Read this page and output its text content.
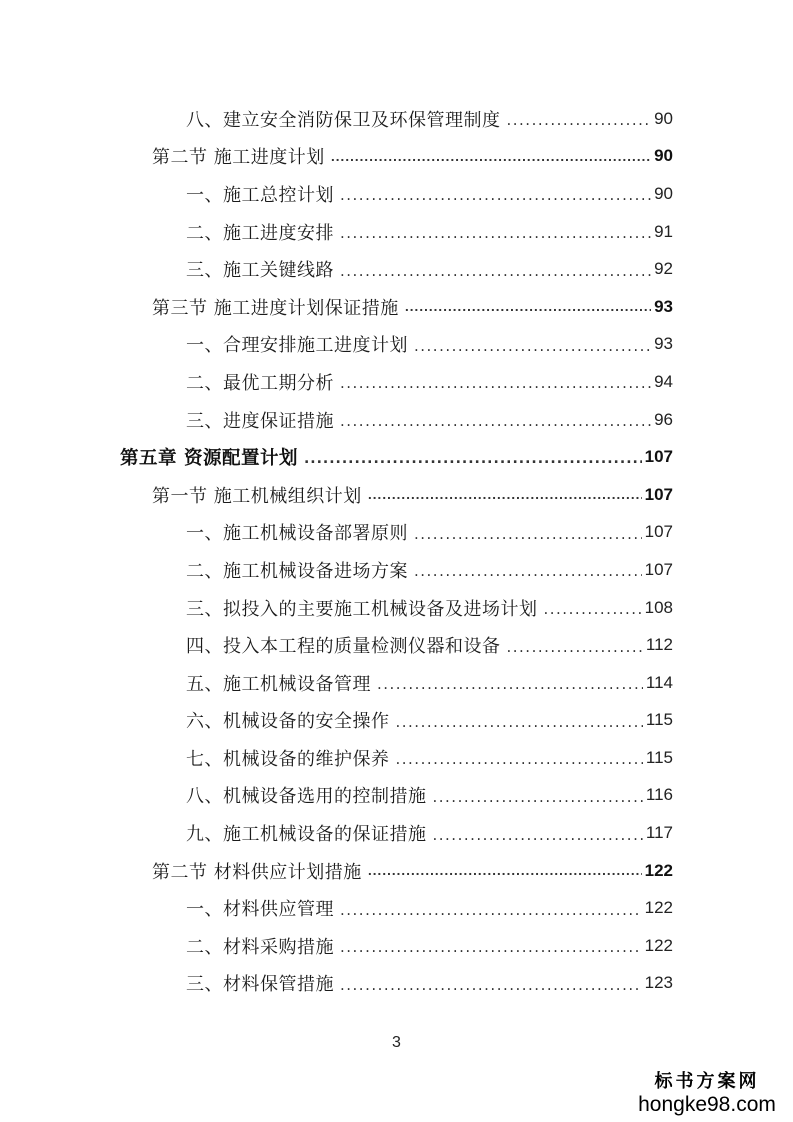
八、建立安全消防保卫及环保管理制度 .....	90
第二节 施工进度计划 .....	90
一、施工总控计划 .....	90
二、施工进度安排 .....	91
三、施工关键线路 .....	92
第三节 施工进度计划保证措施 .....	93
一、合理安排施工进度计划 .....	93
二、最优工期分析 .....	94
三、进度保证措施 .....	96
第五章 资源配置计划 .....	107
第一节 施工机械组织计划 .....	107
一、施工机械设备部署原则 .....	107
二、施工机械设备进场方案 .....	107
三、拟投入的主要施工机械设备及进场计划 .....	108
四、投入本工程的质量检测仪器和设备 .....	112
五、施工机械设备管理 .....	114
六、机械设备的安全操作 .....	115
七、机械设备的维护保养 .....	115
八、机械设备选用的控制措施 .....	116
九、施工机械设备的保证措施 .....	117
第二节 材料供应计划措施 .....	122
一、材料供应管理 .....	122
二、材料采购措施 .....	122
三、材料保管措施 .....	123
3
标书方案网
hongke98.com
